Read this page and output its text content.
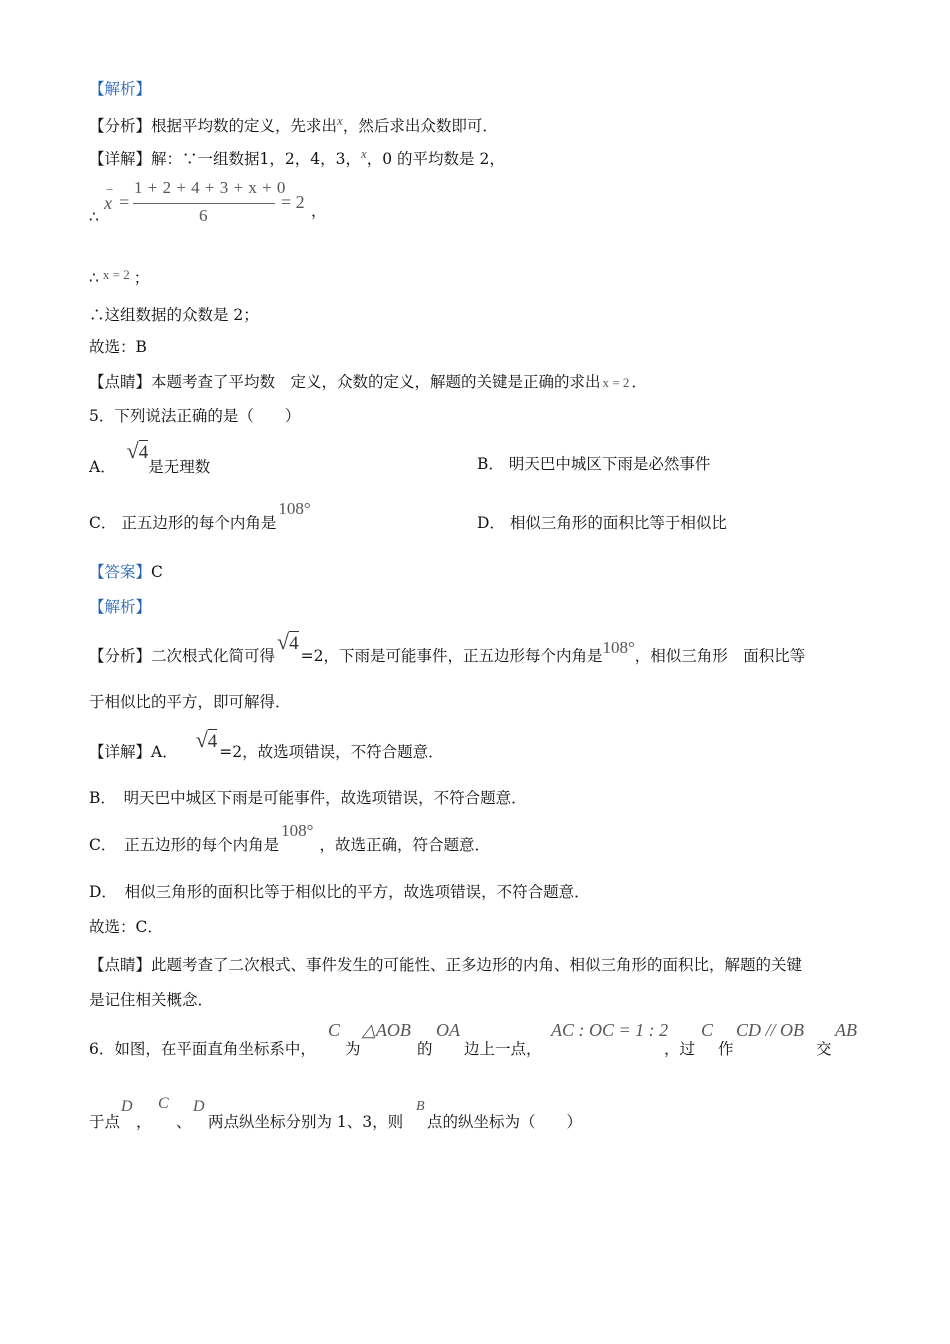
【解析】
【分析】根据平均数的定义，先求出$^x$，然后求出众数即可．
【详解】解：∵一组数据1，2，4，3，$^x$，0 的平均数是 2，
∴
−
x =
1 + 2 + 4 + 3 + x + 0
6
= 2 ，
∴ $^{x = 2}$ ；
∴这组数据的众数是 2；
故选：B
【点睛】本题考查了平均数　定义，众数的定义，解题的关键是正确的求出 x = 2 ．
5．下列说法正确的是（　　）
A． √
4是无理数	B． 明天巴中城区下雨是必然事件
C． 正五边形的每个内角是108°
D． 相似三角形的面积比等于相似比
【答案】C
【解析】
【分析】二次根式化简可得√
4=2，下雨是可能事件，正五边形每个内角是108°，相似三角形　面积比等
于相似比的平方，即可解得．
【详解】A． √
4 =2，故选项错误，不符合题意．
B．　明天巴中城区下雨是可能事件，故选项错误，不符合题意．
C．　正五边形的每个内角是108°，故选正确，符合题意．
D．　相似三角形的面积比等于相似比的平方，故选项错误，不符合题意．
故选：C．
【点睛】此题考查了二次根式、事件发生的可能性、正多边形的内角、相似三角形的面积比，解题的关键
是记住相关概念．
6．如图，在平面直角坐标系中，
C
为
△AOB
的
OA
边上一点，
AC : OC = 1 : 2
，过
C
作
CD // OB
交
AB
于点
D
，
C
、
D
两点纵坐标分别为 1、3，则
B
点的纵坐标为（　　）
